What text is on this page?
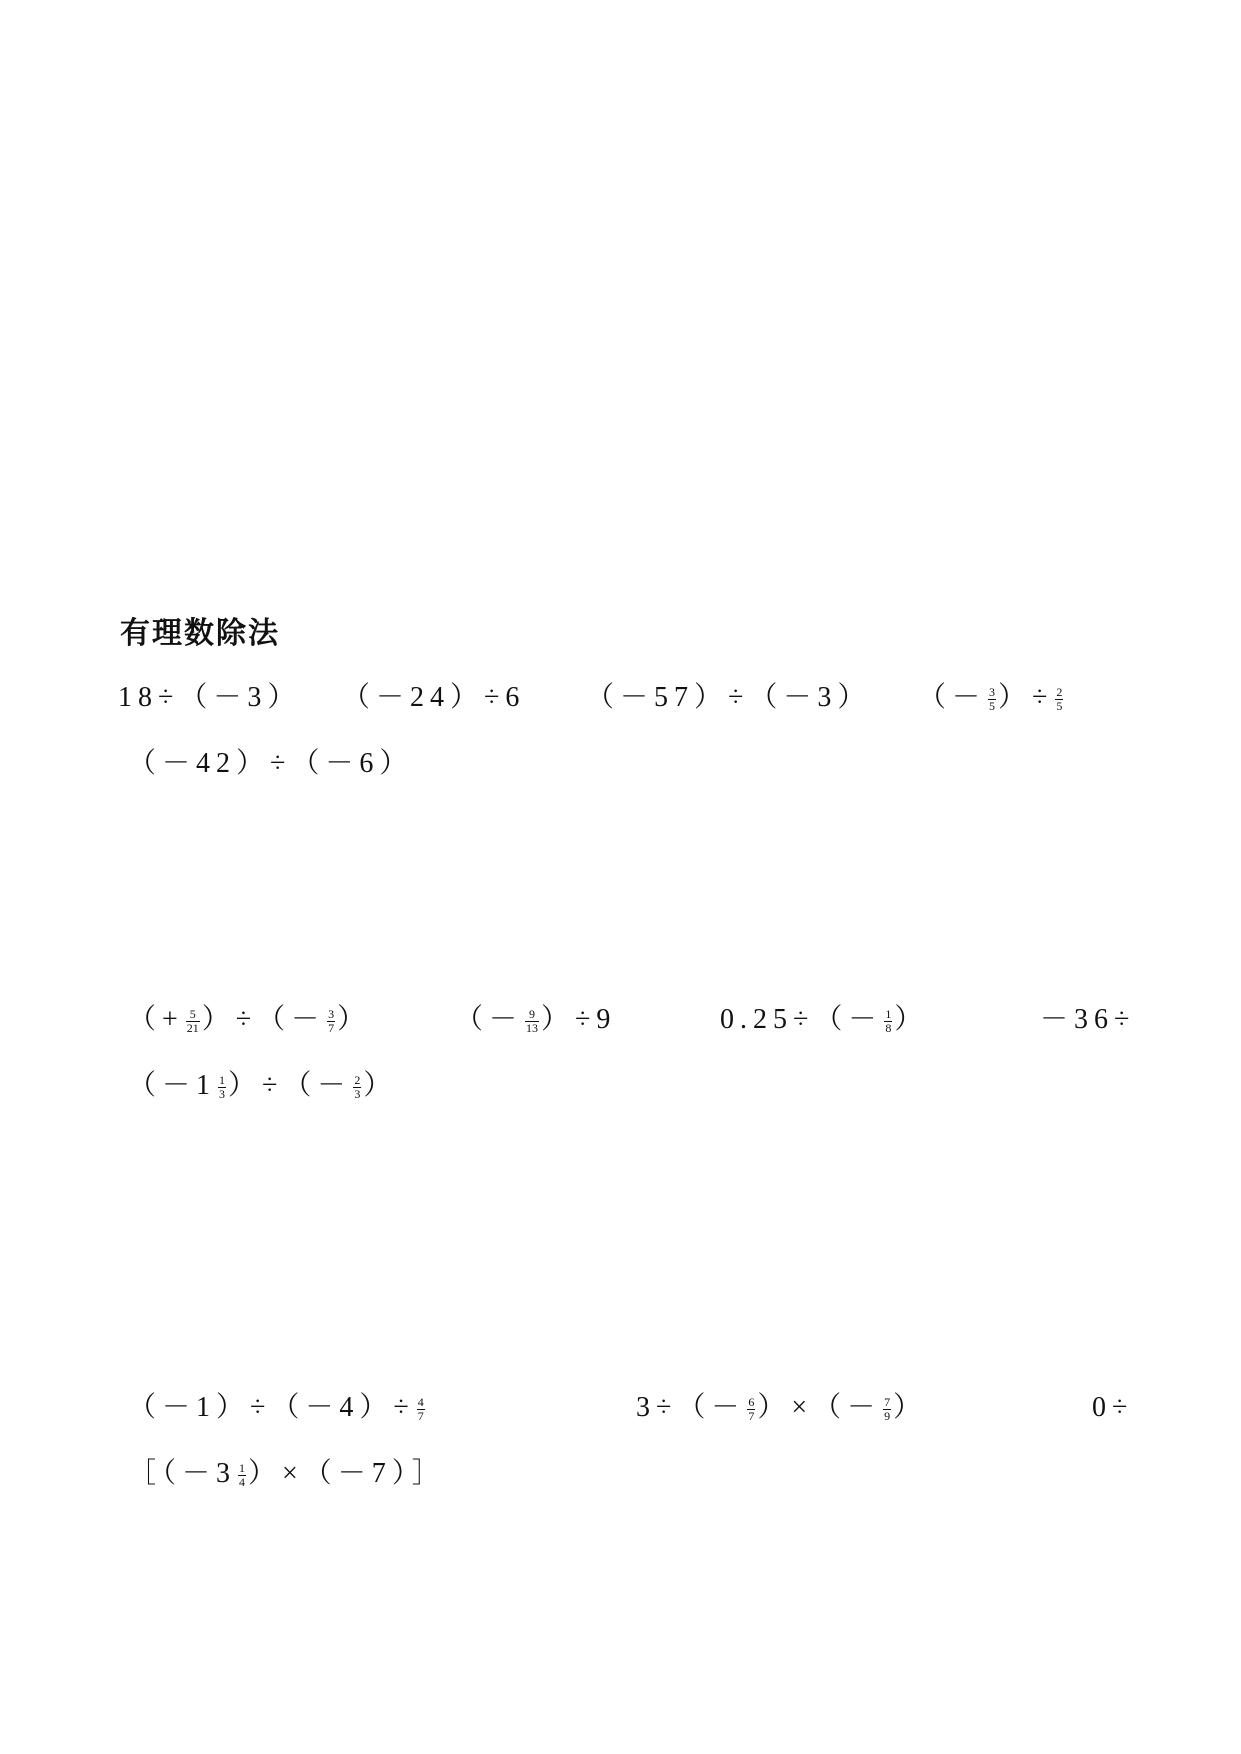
有理数除法
18÷（－3） （－24）÷6 （－57）÷（－3） （－ $\frac{3}{5}$ ）÷ $\frac{2}{5}$
（－42）÷（－6）
（+ $\frac{5}{21}$ ）÷（－ $\frac{3}{7}$ ）	（－ $\frac{9}{13} )\div 9$	$0.25\div(- \frac{1}{8}$ ）	－36÷
（$-1 \frac{1}{3}$ ）÷（－ $\frac{2}{3}$ ）
$(-1)\div(-4)\div \frac{4}{7}$	$3\div(- \frac{6}{7}$ ）×（－ $\frac{7}{9}$ ）	0÷
［（－3 $\frac{1}{4}$ ）×（－7）］
